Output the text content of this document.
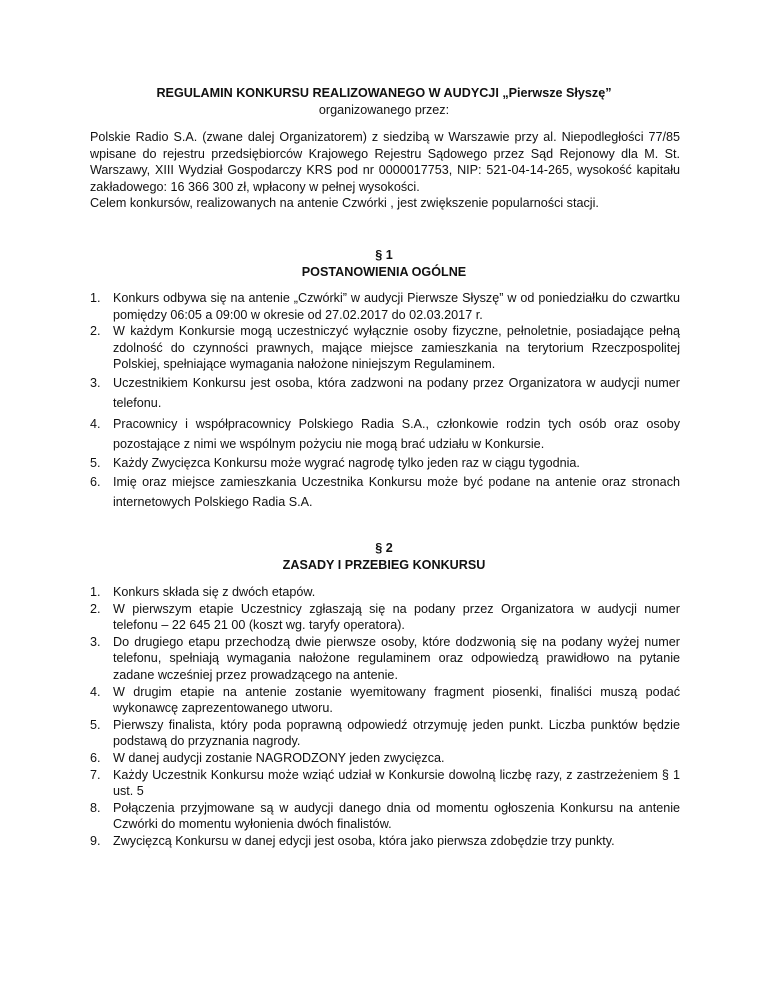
REGULAMIN KONKURSU REALIZOWANEGO W AUDYCJI „Pierwsze Słyszę”
organizowanego przez:

Polskie Radio S.A. (zwane dalej Organizatorem) z siedzibą w Warszawie przy al. Niepodległości 77/85 wpisane do rejestru przedsiębiorców Krajowego Rejestru Sądowego przez Sąd Rejonowy dla M. St. Warszawy, XIII Wydział Gospodarczy KRS pod nr 0000017753, NIP: 521-04-14-265, wysokość kapitału zakładowego: 16 366 300 zł, wpłacony w pełnej wysokości.

Celem konkursów, realizowanych na antenie Czwórki , jest zwiększenie popularności stacji.

§ 1
POSTANOWIENIA OGÓLNE
1. Konkurs odbywa się na antenie „Czwórki” w audycji Pierwsze Słyszę” w od poniedziałku do czwartku pomiędzy 06:05 a 09:00 w okresie od 27.02.2017 do 02.03.2017 r.
2. W każdym Konkursie mogą uczestniczyć wyłącznie osoby fizyczne, pełnoletnie, posiadające pełną zdolność do czynności prawnych, mające miejsce zamieszkania na terytorium Rzeczpospolitej Polskiej, spełniające wymagania nałożone niniejszym Regulaminem.
3. Uczestnikiem Konkursu jest osoba, która zadzwoni na podany przez Organizatora w audycji numer telefonu.
4. Pracownicy i współpracownicy Polskiego Radia S.A., członkowie rodzin tych osób oraz osoby pozostające z nimi we wspólnym pożyciu nie mogą brać udziału w Konkursie.
5. Każdy Zwycięzca Konkursu może wygrać nagrodę tylko jeden raz w ciągu tygodnia.
6. Imię oraz miejsce zamieszkania Uczestnika Konkursu może być podane na antenie oraz stronach internetowych Polskiego Radia S.A.
§ 2
ZASADY I PRZEBIEG KONKURSU
1. Konkurs składa się z dwóch etapów.
2. W pierwszym etapie Uczestnicy zgłaszają się na podany przez Organizatora w audycji numer telefonu – 22 645 21 00 (koszt wg. taryfy operatora).
3. Do drugiego etapu przechodzą dwie pierwsze osoby, które dodzwonią się na podany wyżej numer telefonu, spełniają wymagania nałożone regulaminem oraz odpowiedzą prawidłowo na pytanie zadane wcześniej przez prowadzącego na antenie.
4. W drugim etapie na antenie zostanie wyemitowany fragment piosenki, finaliści muszą podać wykonawcę zaprezentowanego utworu.
5. Pierwszy finalista, który poda poprawną odpowiedź otrzymuję jeden punkt. Liczba punktów będzie podstawą do przyznania nagrody.
6. W danej audycji zostanie NAGRODZONY jeden zwycięzca.
7. Każdy Uczestnik Konkursu może wziąć udział w Konkursie dowolną liczbę razy, z zastrzeżeniem § 1 ust. 5
8. Połączenia przyjmowane są w audycji danego dnia od momentu ogłoszenia Konkursu na antenie Czwórki do momentu wyłonienia dwóch finalistów.
9. Zwycięzcą Konkursu w danej edycji jest osoba, która jako pierwsza zdobędzie trzy punkty.
